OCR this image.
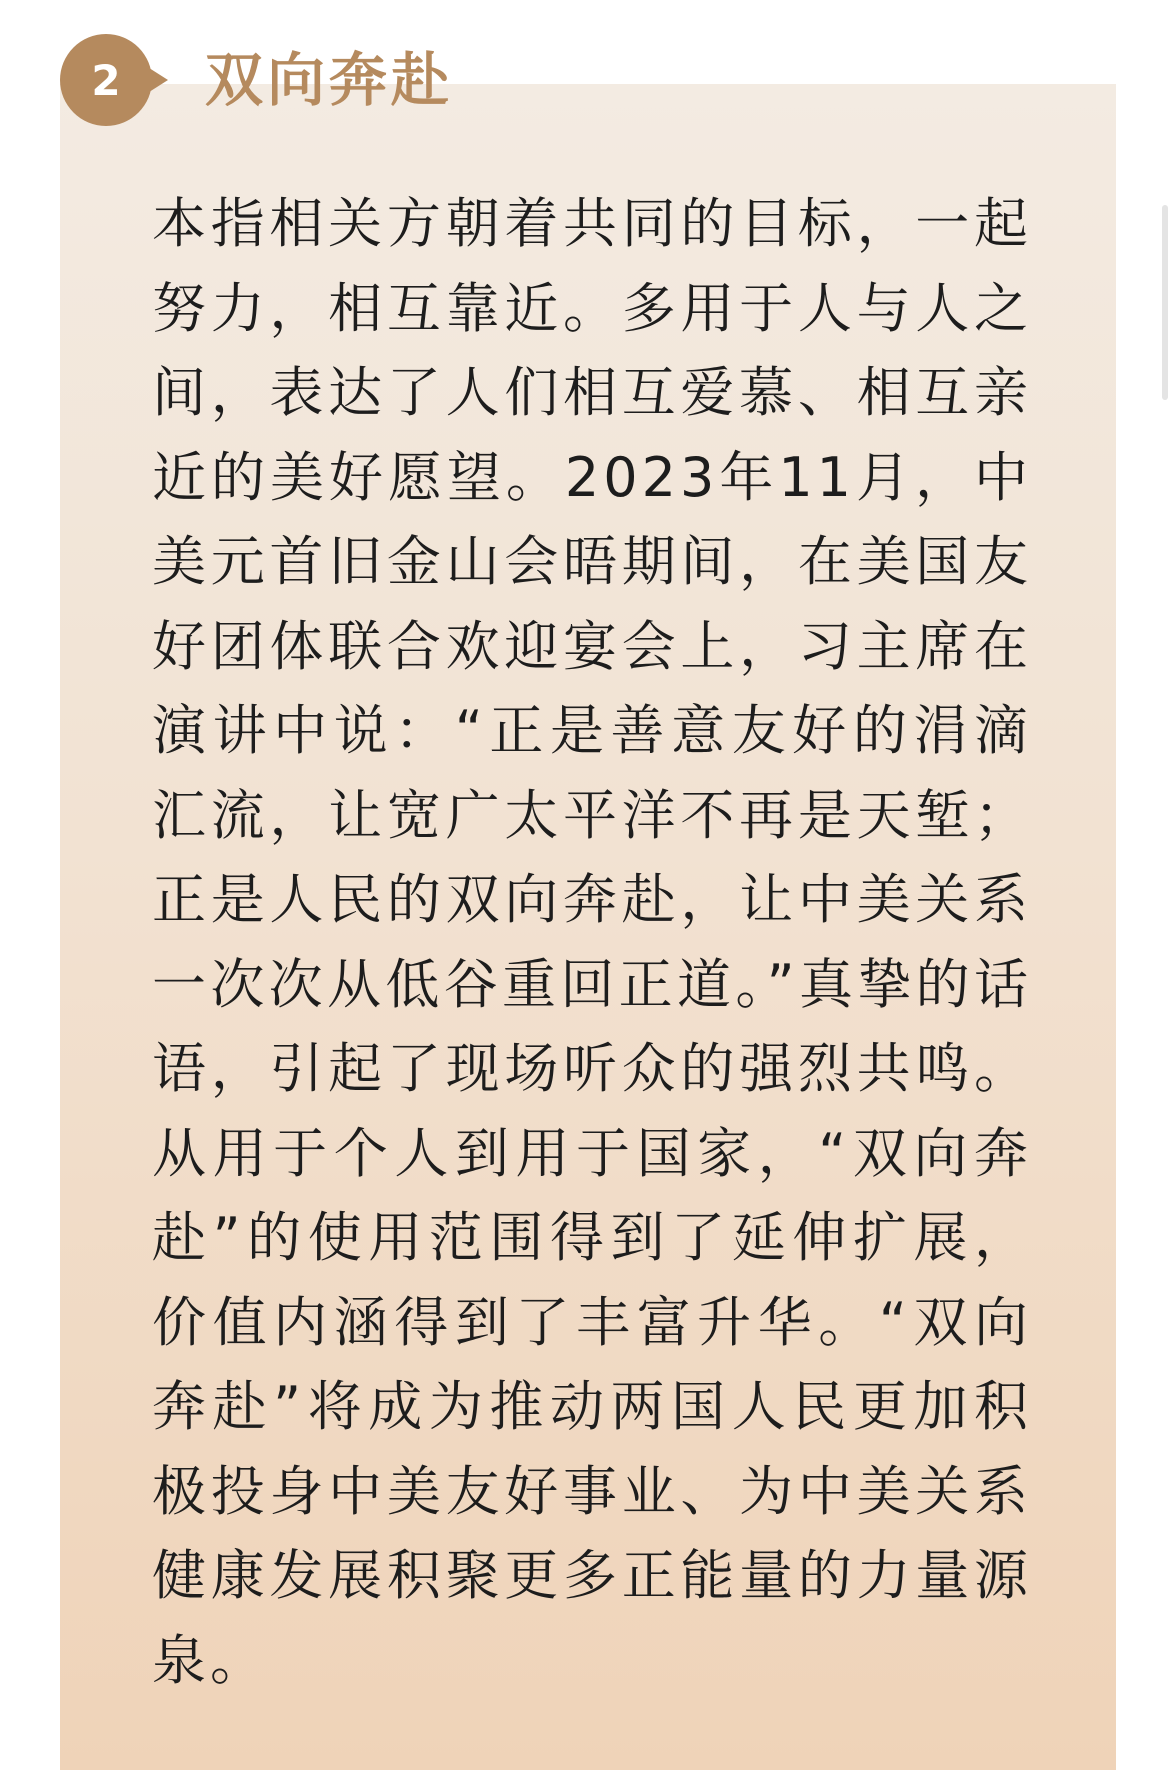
2	双向奔赴

本指相关方朝着共同的目标，一起努力，相互靠近。多用于人与人之间，表达了人们相互爱慕、相互亲近的美好愿望。2023年11月，中美元首旧金山会晤期间，在美国友好团体联合欢迎宴会上，习主席在演讲中说：“正是善意友好的涓滴汇流，让宽广太平洋不再是天堑；正是人民的双向奔赴，让中美关系一次次从低谷重回正道。”真挚的话语，引起了现场听众的强烈共鸣。从用于个人到用于国家，“双向奔赴”的使用范围得到了延伸扩展，价值内涵得到了丰富升华。“双向奔赴”将成为推动两国人民更加积极投身中美友好事业、为中美关系健康发展积聚更多正能量的力量源泉。
